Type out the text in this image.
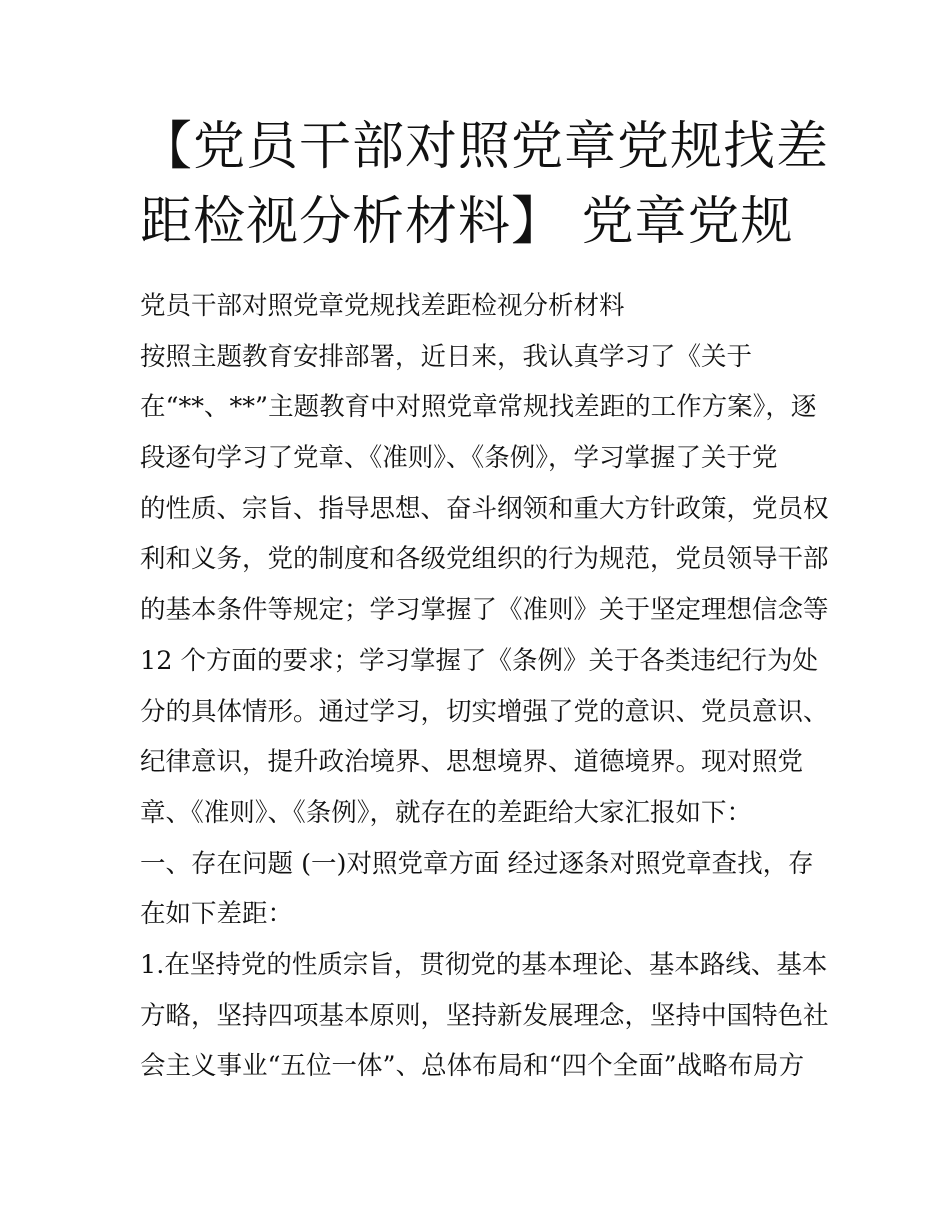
【党员干部对照党章党规找差
距检视分析材料】 党章党规
党员干部对照党章党规找差距检视分析材料
按照主题教育安排部署，近日来，我认真学习了《关于
在“**、**”主题教育中对照党章常规找差距的工作方案》，逐
段逐句学习了党章、《准则》、《条例》，学习掌握了关于党
的性质、宗旨、指导思想、奋斗纲领和重大方针政策，党员权
利和义务，党的制度和各级党组织的行为规范，党员领导干部
的基本条件等规定；学习掌握了《准则》关于坚定理想信念等
12 个方面的要求；学习掌握了《条例》关于各类违纪行为处
分的具体情形。通过学习，切实增强了党的意识、党员意识、
纪律意识，提升政治境界、思想境界、道德境界。现对照党
章、《准则》、《条例》，就存在的差距给大家汇报如下：
一、存在问题 (一)对照党章方面 经过逐条对照党章查找，存
在如下差距：
1.在坚持党的性质宗旨，贯彻党的基本理论、基本路线、基本
方略，坚持四项基本原则，坚持新发展理念，坚持中国特色社
会主义事业“五位一体”、总体布局和“四个全面”战略布局方
